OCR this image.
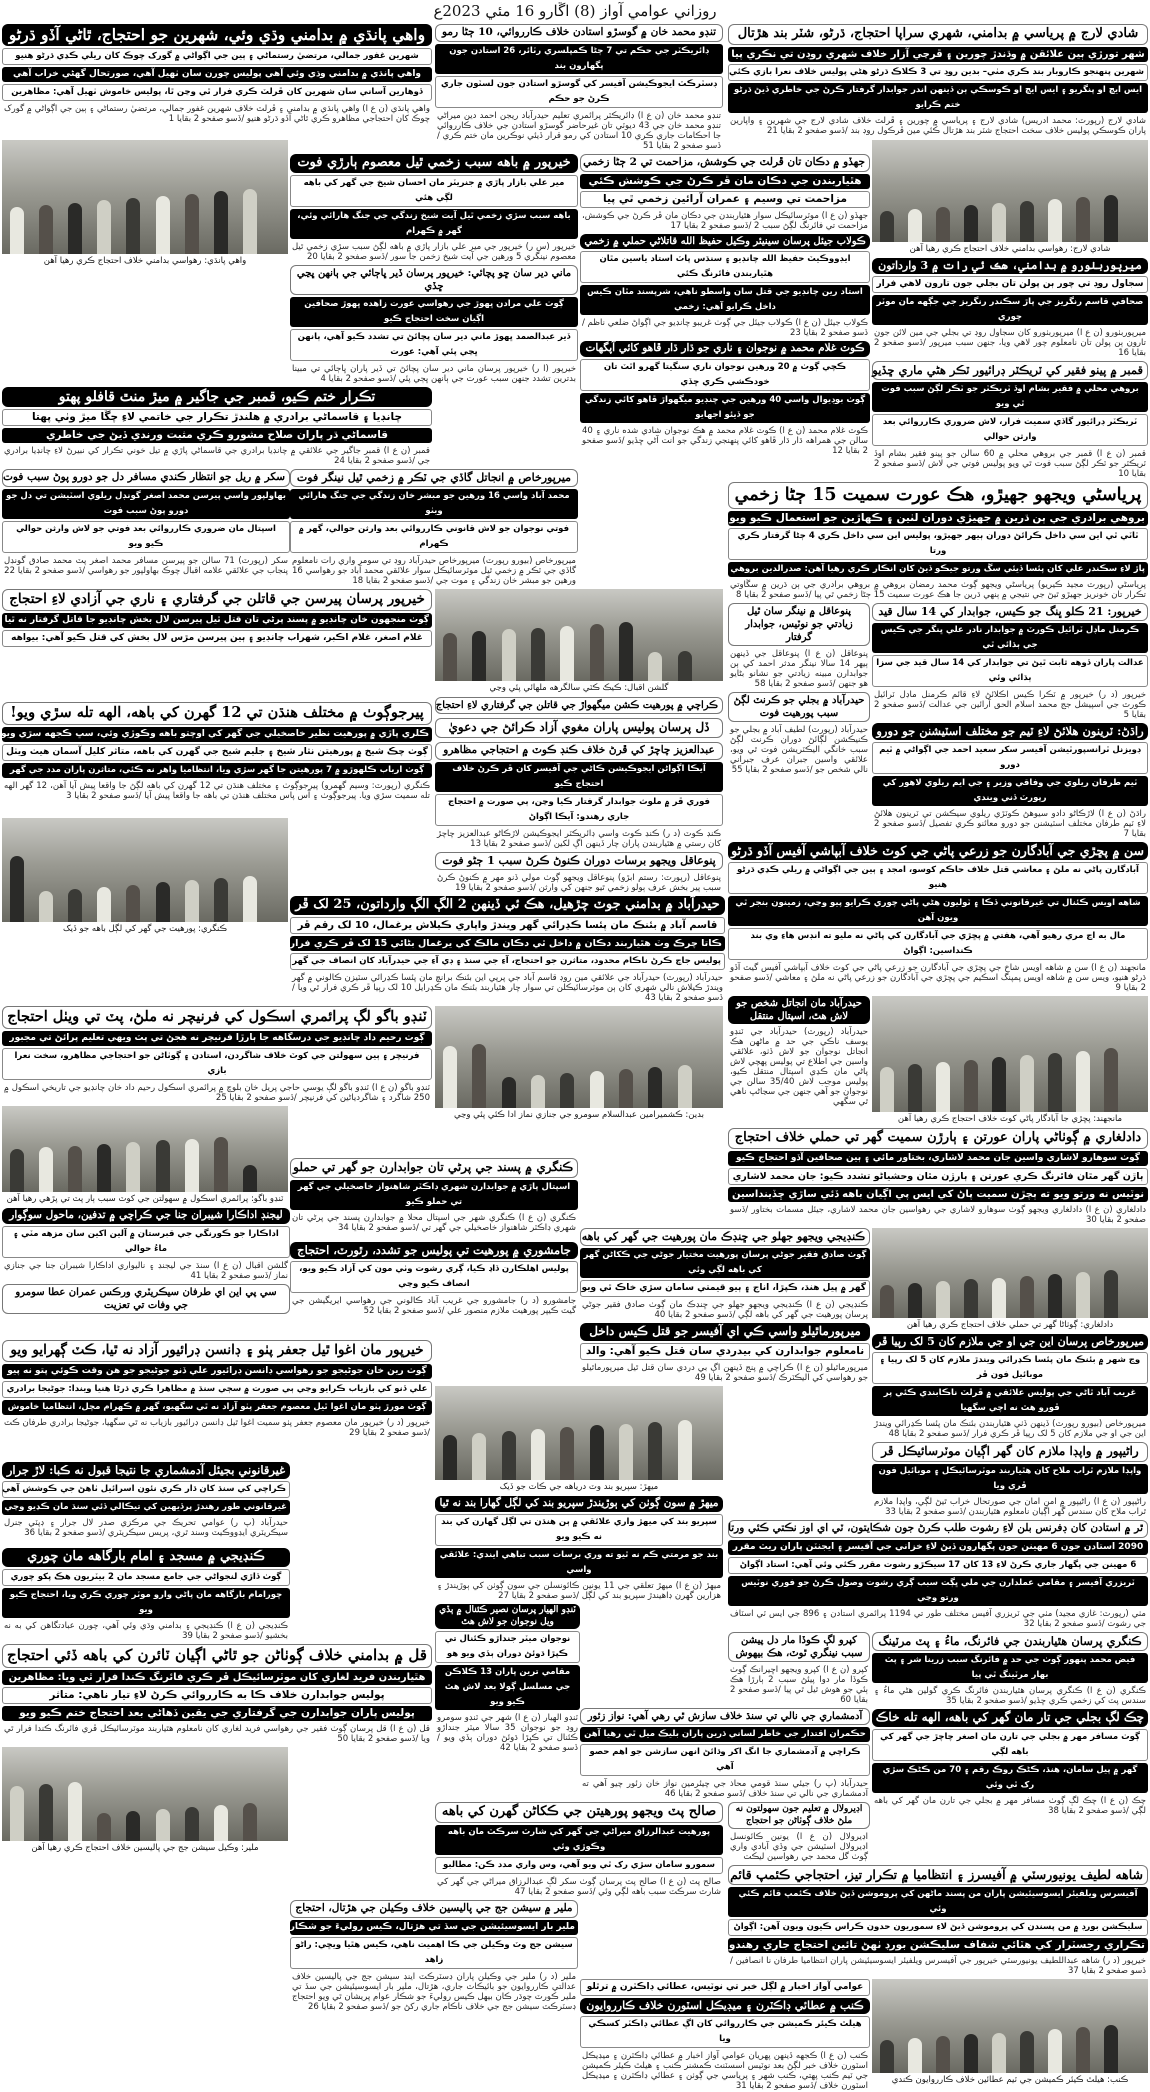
روزاني عوامي آواز (8) اڱارو 16 مئي 2023ع
شادي لارج ۾ پرياسي ۾ بدامني، شهري سراپا احتجاج، ڌرڻو، شٽر بند هڙتال
شهر تورڙي ٻين علائقن ۾ وڌندڙ چورين ۽ ڦرڃي آزار خلاف شهري روڊن تي نڪري پيا
شهرين پنهنجو ڪاروبار بند ڪري مٺي– بدين روڊ تي 3 ڪلاڪ ڌرڻو هڻي پوليس خلاف نعرا بازي ڪئي
ايس ايچ او پنگريو ۽ ايس ايچ او ڪوسڪي ٻن ڏينهن اندر جوابدار گرفتار ڪرڻ جي خاطري ڏيڻ ڌرڻو ختم ڪرايو

شادي لارج (رپورٽ: محمد ادريس) شادي لارج ۽ پرياسي ۾ چورين ۽ ڦرلٽ خلاف شادي لارج جي شهرين ۽ واپارين پاران ڪوسڪي پوليس خلاف سخت احتجاج شٽر بند هڙتال ڪئي مين ڦرڪول روڊ بند /ڏسو صفحو 2 بقايا 21

تنڊو محمد خان ۾ گوسڙو استادن خلاف ڪارروائي، 10 ڄڻا رمو
ڊائريڪٽر جي حڪم تي 7 ڄڻا ڪمپلسري رٽائر، 26 استادن جون پگهارون بند
ڊسٽرڪٽ ايجوڪيشن آفيسر کي گوسڙو استادن جون لسٽون جاري ڪرڻ جو حڪم

تنڊو محمد خان (ن ع ا) ڊائريڪٽر پرائمري تعليم حيدرآباد ريجن احمد دين ميراڻي تنڊو محمد خان جي 43 ديوٽي تان غيرحاضر گوسڙو استادن جي خلاف ڪارروائي جا احڪامات جاري ڪري 10 استادن کي رمو قرار ڏيئي نوڪرين مان ختم ڪري /ڏسو صفحو 2 بقايا 51

واهي پانڌي ۾ بدامني وڌي وئي، شهرين جو احتجاج، ٿاڻي آڏو ڌرڻو
شهرين غفور جمالي، مرتضيٰ رستماڻي ۽ ٻين جي اڳواڻي ۾ گورک چوڪ کان ريلي ڪڍي ڌرڻو هنيو
واهي پانڌي ۾ بدامني وڌي وئي آهي پوليس چورن سان ٺهيل آهي، صورتحال گهڻي خراب آهي
ڏوهارين آساني سان شهرين کان ڦرلٽ ڪري فرار ٿي وڃن ٿا، پوليس خاموش ٺهيل آهي: مظاهرين

واهي پانڌي (ن ع ا) واهي پانڌي ۾ بدامني ۽ ڦرلٽ خلاف شهرين غفور جمالي، مرتضيٰ رستماڻي ۽ ٻين جي اڳواڻي ۾ گورک چوڪ کان احتجاجي مظاهرو ڪري ٿاڻي آڏو ڌرڻو هنيو /ڏسو صفحو 2 بقايا 1

شادي لارج: رهواسي بدامني خلاف احتجاج ڪري رهيا آهن
جهڏو ۾ دڪان تان ڦرلٽ جي ڪوشش، مزاحمت تي 2 ڄڻا زخمي
هٿياربندن جي دڪان مان ڦر ڪرڻ جي ڪوشش ڪئي
مزاحمت تي وسيم ۽ عمران آرائين زخمي ٿي پيا

جهڏو (ن ع ا) موٽرسائيڪل سوار هٿياربندن جي دڪان مان ڦر ڪرڻ جي ڪوشش، مزاحمت تي فائرنگ لڳڻ سبب 2 /ڏسو صفحو 2 بقايا 17

خيرپور ۾ باهه سبب زخمي ٿيل معصوم ٻارڙي فوت
مير علي بازار پاڙي ۾ جنريٽر مان احسان شيخ جي گهر کي باهه لڳي هئي
باهه سبب سڙي زخمي ٿيل آيت شيخ زندگي جي جنگ هارائي وئي، گهر ۾ ڪهرام

خيرپور (س ر) خيرپور جي مير علي بازار پاڙي ۾ باهه لڳڻ سبب سڙي زخمي ٿيل معصوم نينگري 5 ورهين جي آيت شيخ زخمن جا سور /ڏسو صفحو 2 بقايا 20

واهي پانڌي: رهواسي بدامني خلاف احتجاج ڪري رهيا آهن
ڪولاب جيئل پرسان سينيئر وڪيل حفيظ الله قاتلاڻي حملي ۾ زخمي
ايڊووڪيٽ حفيظ الله چانڊيو ۽ سنڌس پاٽ استاد ياسين مٿان هٿياربندن فائرنگ ڪئي
استاد رين چانڊيو جي قتل سان واسطو ناهي، شرپسند مٿان ڪيس داخل ڪرايو آهي: زخمي

ڪولاب جيئل (ن ع ا) ڪولاب جيئل جي ڳوٺ غريبو چانڊيو جي اڳواڻ ضلعي ناظم /ڏسو صفحو 2 بقايا 23

ماني دير سان ڇو پچائي: خيرپور پرسان ڏير ڀاڄائي جي ٻانهن ڀڃي ڇڏي
ڳوٺ علي مرادن ڀهوڙ جي رهواسي عورت زاهده ڀهوڙ صحافين اڳيان سخت احتجاج ڪيو
ڏير عبدالصمد ڀهوڙ ماني دير سان پچائڻ تي تشدد ڪيو آهي، ٻانهن ڀڃي پئي آهي: عورت

خيرپور (ا ر) خيرپور پرسان ماني دير سان پچائڻ تي ڏير پاران ڀاڄائي تي مبينا بدترين تشدد جنهن سبب عورت جي ٻانهن ڀڄي پئي /ڏسو صفحو 2 بقايا 4

ميرپوربٺورو ۾ بدامني، هڪ ئي رات ۾ 3 وارداتون
سجاول روڊ تي چور ٻن پولن تان بجلي جون تارون لاهي فرار
صحافي قاسم رنگريز جي پاڙ سڪندر رنگريز جي جڳهه مان موٽر چوري

ميرپوربٺورو (ن ع ا) ميرپوربٺورو کان سجاول روڊ تي بجلي جي مين لائن جون تارون ٻن پولن تان نامعلوم چور لاهي ويا، جنهن سبب ميرپور /ڏسو صفحو 2 بقايا 16

تڪرار ختم ڪيو، قمبر جي جاگير ۾ ميڙ منٿ قافلو پهتو
چانڊيا ۽ قاسماڻي برادري ۾ هلندڙ تڪرار جي خاتمي لاءِ چڱا ميڙ وٺي پهتا
قاسماڻي ڌر پاران صلاح مشورو ڪري مثبت ورندي ڏيڻ جي خاطري

قمبر (ن ع ا) قمبر جاگير جي علائقي ۾ چانڊيا برادري جي قاسماڻي پاڙي ۾ تيل خوني تڪرار کي نبيرڻ لاءِ چانڊيا برادري جي /ڏسو صفحو 2 بقايا 24

ڪوٽ غلام محمد ۾ نوجوان ۽ ناري جو ڌار ڌار ڦاهو کائي آپگهات
ڪچي ڳوٺ ۾ 20 ورهين نوجوان ناري سنگيتا گهرو اٿٽ تان خودڪشي ڪري ڇڏي
ڳوٺ بوڊيوال واسي 40 ورهين جي چنڊيو ميگهواڙ ڦاهو کائي زندگي جو ڏيئو اجهايو

ڪوٽ غلام محمد (ن ع ا) ڪوٽ غلام محمد ۾ هڪ نوجوان شادي شده ناري ۽ 40 سالن جي همراهه ڌار ڌار ڦاهو کائي پنهنجي زندگي جو انت آڻي ڇڏيو /ڏسو صفحو 2 بقايا 12

ميرپورخاص ۾ انجاتل گاڏي جي ٽڪر ۾ زخمي ٿيل نينگر فوت
محمد آباد واسي 16 ورهين جو مبشر خان زندگي جي جنگ هارائي ويٺو
فوتي نوجوان جو لاش قانوني ڪارروائي بعد وارثن حوالي، گهر ۾ ڪهرام

ميرپورخاص (بيورو رپورٽ) ميرپورخاص حيدرآباد روڊ تي سومر واري رات نامعلوم گاڏي جي ٽڪر ۾ زخمي ٿيل موٽرسائيڪل سوار علائقي محمد آباد جو رهواسي 16 ورهين جو مبشر خان زندگي ۽ موت جي /ڏسو صفحو 2 بقايا 18

سکر ۾ ريل جو انتظار ڪندي مسافر دل جو دورو پوڻ سبب فوت
بهاولپور واسي پيرسن محمد اصغر گونڊل ريلوي اسٽيشن تي دل جو دورو پوڻ سبب فوت
اسپتال مان ضروري ڪارروائي بعد فوتي جو لاش وارثن حوالي ڪيو ويو

سکر (رپورٽ) 71 سالن جو پيرسن مسافر محمد اصغر پٽ محمد صادق گونڊل پنجاب جي علائقي علامه اقبال چوڪ بهاولپور جو رهواسي /ڏسو صفحو 2 بقايا 22

قمبر ۾ پينو فقير کي ٽريڪٽر ڊرائيور ٽڪر هڻي ماري ڇڏيو
بروهي محلي ۾ فقير بشام اوڏ ٽريڪٽر جو ٽڪر لڳڻ سبب فوت ٿي ويو
ٽريڪٽر ڊرائيور گاڏي سميت فرار، لاش ضروري ڪارروائي بعد وارثن حوالي

قمبر (ن ع ا) قمبر جي بروهي محلي ۾ 60 سالن جو پينو فقير بشام اوڏ ٽريڪٽر جو ٽڪر لڳڻ سبب فوت ٿي ويو پوليس فوتي جي لاش /ڏسو صفحو 2 بقايا 10

گلشن اقبال: ڪيڪ ڪٽي سالگرهه ملهائي پئي وڃي
پرياسڻي ويجهو جهيڙو، هڪ عورت سميت 15 ڄڻا زخمي
بروهي برادري جي ٻن ڌرين ۾ جهيڙي دوران لٺين ۽ ڪهاڙين جو استعمال ڪيو ويو
ٽاٽي ٿي اين سي داخل ڪرائڻ دوران ٻيهر جهيڙو، پوليس اين سي داخل ڪري 4 ڄڻا گرفتار ڪري ورتا
پاڙ لاءِ سڪندر علي کان پئسا ڏيئي سڱ ورتو جيڪو ڏيڻ کان انڪار ڪري رهيا آهن: صدرالدين بروهي

پرياسڻي (رپورٽ مجيد ڪيريو) پرياسڻي ويجهو ڳوٺ محمد رمضان بروهي ۾ بروهي برادري جي ٻن ڌرين ۾ سڱاوتي تڪرار تان خونريز جهيڙو ٿيڻ جي نتيجي ۾ ٻنهي ڌرين جا هڪ عورت سميت 15 ڄڻا زخمي ٿي پيا /ڏسو صفحو 2 بقايا 8

خيرپور پرسان پيرسن جي قاتلن جي گرفتاري ۽ ناري جي آزادي لاءِ احتجاج
ڳوٺ منجهون خان چانڊيو ۾ پسند پرڻي تان قتل ٿيل پيرسن لال بخش چانڊيو جا قاتل گرفتار نه ٿيا
غلام اصغر، غلام اڪبر، شهراب چانڊيو ۽ ٻين پيرسن مڙس لال بخش کي قتل ڪيو آهي: بيواهه
ڪراچي ۾ پورهيت ڪشن ميگهواڙ جي قاتلن جي گرفتاري لاءِ احتجاج
خيرپور: 21 ڪلو ڀنگ جو ڪيس، جوابدار کي 14 سال قيد
ڪرمنل ماڊل ٽرائيل ڪورٽ ۾ جوابدار نادر علي ڀنگر جي ڪيس جي ٻڌائي ٿي
عدالت پاران ڏوهه ثابت ٿيڻ تي جوابدار کي 14 سال قيد جي سزا ٻڌائي وئي

خيرپور (د ر) خيرپور ۾ ٽڪرا ڪيس اڪلائڻ لاءِ قائم ڪرمنل ماڊل ٽرائيل ڪورٽ جي اسپيشل جج محمد اسلام الحق آرائين جي عدالت /ڏسو صفحو 2 بقايا 5

پنوعاقل ۾ نينگر سان ٿيل زيادتي جو نوٽيس، جوابدار گرفتار

پنوعاقل (ن ع ا) پنوعاقل جي ڏينهن ٻيهر 14 سالا نينگر مدثر احمد کي ٻن جوابدارن مبينه زيادتي جو نشانو بڻايو هو جنهن /ڏسو صفحو 2 بقايا 58

ڏل پرسان پوليس پاران مغوي آزاد ڪرائڻ جي دعويٰ
عبدالعزيز چاچڙ کي ڦرڻ خلاف ڪنڊ ڪوٽ ۾ احتجاجي مظاهرو
آيڪا اڳواڻن ايجوڪيشن ڪاڻي جي آفيسر کان ڦر ڪرڻ خلاف احتجاج ڪيو
فوري ڦر ۾ ملوث جوابدار گرفتار ڪيا وڃن، ٻي صورت ۾ احتجاج جاري رهندو: آيڪا اڳواڻ

ڪنڊ ڪوٽ (د ر) ڪنڊ ڪوٽ واسي ڊائريڪٽر ايجوڪيشن لاڙڪاڻو عبدالعزيز چاچڙ کان رستي ۾ هٿياربندن پاران چار ڏينهن اڳ لکين /ڏسو صفحو 2 بقايا 13

حيدرآباد ۾ بجلي جو ڪرنٽ لڳڻ سبب پورهيت فوت

حيدرآباد (رپورٽ) لطيف آباد ۾ بجلي جو ڪنيڪشن لڳائڻ دوران ڪرنٽ لڳڻ سبب خانگي اليڪٽريشن فوت ٿي ويو، علائقي واسين جبران عرف جبراني نالي شخص جو /ڏسو صفحو 2 بقايا 55

راڌڻ: ٽرينون هلائڻ لاءِ ٽيم جو مختلف اسٽيشنن جو دورو
ڊويزنل ٽرانسپورٽيشن آفيسر سکر سعيد احمد جي اڳواڻي ۾ ٽيم دورو
ٽيم طرفان ريلوي جي وفاقي وزير ۽ جي ايم ريلوي لاهور کي رپورٽ ڏني ويندي

راڌڻ (ن ع ا) لاڙڪاڻو دادو سيوهڻ ڪوٽڙي ريلوي سيڪشن تي ٽرينون هلائڻ لاءِ ٽيم طرفان مختلف اسٽيشنن جو دورو معائنو ڪري تفصيل /ڏسو صفحو 2 بقايا 7

پيرجوڳوٺ ۾ مختلف هنڌن تي 12 گهرن کي باهه، الهه تله سڙي ويو!
ڪلري پاڙي ۾ پورهيت نظير خاصخيلي جي گهر کي اوچتو باهه وڪوڙي وئي، سڀ ڪجهه سڙي ويو
ڳوٺ چڪ شيخ ۾ پورهيتن نثار شيخ ۽ جليم شيخ جي گهرن کي باهه، متاثر کليل آسمان هيٺ ويٺل
ڳوٺ ارباب ڪلهوڙو ۾ 7 پورهيتن جا گهر سڙي ويا، انتظاميا واهر نه ڪئي، متاثرن پاران مدد جي گهر

ڪنگري (رپورٽ: وسيم گهمرو) پيرجوڳوٺ ۽ مختلف هنڌن تي 12 گهرن کي باهه لڳڻ جا واقعا پيش آيا آهن، 12 گهر الهه تله سميت سڙي ويا. پيرجوڳوٺ ۽ آس پاس مختلف هنڌن تي باهه جا واقعا پيش آيا /ڏسو صفحو 2 بقايا 3

سن ۾ پڇڙي جي آبادگارن جو زرعي پاڻي جي کوٽ خلاف آبپاشي آفيس آڏو ڌرڻو
آبادگارن پاڻي نه ملڻ ۽ معاشي قتل خلاف حاڪم کوسو، امجد ۽ ٻين جي اڳواڻي ۾ ريلي ڪڍي ڌرڻو هنيو
شاهه اويس ڪئنال تي غيرقانوني ڏڪا ۽ ٽوليون هڻي پاڻي چوري ڪرايو پيو وڃي، زمينون بنجر ٿي ويون آهن
مال به اڃ مري رهيو آهي، هفتي ۾ پڇڙي جي آبادگارن کي پاڻي نه مليو ته انڊس هاءِ وي بند ڪنداسين: اڳواڻ

مانجهند (ن ع ا) سن ۾ شاهه اويس شاخ جي پڇڙي جي آبادگارن جو زرعي پاڻي جي کوٽ خلاف آبپاشي آفيس گيٽ آڏو ڌرڻو هنيو، ويس سن ۾ شاهه اويس پمپنگ اسڪيم جي پڇڙي جي آبادگارن جو زرعي پاڻي نه ملڻ ۽ معاشي /ڏسو صفحو 2 بقايا 9

پنوعاقل ويجهو برسات دوران ڪنوڻ ڪرڻ سبب 1 ڄڻو فوت

پنوعاقل (رپورٽ: رستم ابڙو) پنوعاقل ويجهو ڳوٺ مولي ڏنو مهر ۾ ڪنوڻ ڪرڻ سبب پير بخش عرف ٻولو زخمي ٿيو جنهن کي وارثن /ڏسو صفحو 2 بقايا 19

مانجهند: پڇڙي جا آبادگار پاڻي کوٽ خلاف احتجاج ڪري رهيا آهن
حيدرآباد مان انجاتل شخص جو لاش هٿ، اسپتال منتقل

حيدرآباد (رپورٽ) حيدرآباد جي ٽنڊو يوسف ناڪي جي حد ۾ ماڻهن هڪ انجاتل نوجوان جو لاش ڏٺو، علائقي واسين جي اطلاع تي پوليس پهچي لاش پاڻي مان ڪڍي اسپتال منتقل ڪيو، پوليس موجب لاش 35/40 سالن جي نوجوان جو آهي جنهن جي سڃاڻپ ناهي ٿي سگهي

حيدرآباد ۾ بدامني جوٽ چڙهيل، هڪ ئي ڏينهن 2 الڳ الڳ وارداتون، 25 لک ڦر
قاسم آباد ۾ بئنڪ مان پئسا ڪڍرائي گهر ويندڙ واپاري ڪيلاش يرغمال، 10 لک رقم ڦر
ڪاتا چرڪ وٽ هٿياربند دڪان ۾ داخل ٿي دڪان مالڪ کي يرغمال بڻائي 15 لک ڦر ڪري فرار
پوليس جاچ ڪرڻ ناڪام محدود، متاثرن جو احتجاج، آءِ جي سنڌ ۽ ڊي آءِ جي حيدرآباد کان انصاف جي گهر

حيدرآباد (رپورٽ) حيدرآباد جي علائقي مين روڊ قاسم آباد جي پرپي اين بئنڪ برانچ مان پئسا ڪڍرائي سٽيزن ڪالوني ۾ گهر ويندڙ ڪيلاش نالي شهري کان ٻن موٽرسائيڪلن تي سوار چار هٿياربند بئنڪ مان ڪڍرايل 10 لک رپيا ڦر ڪري فرار ٿي ويا /ڏسو صفحو 2 بقايا 43

ڪنگري: پورهيت جي گهر کي لڳل باهه جو ڏيک
دادلغاري ۾ ڳوٺاڻي پاران عورتن ۽ ٻارڙن سميت گهر تي حملي خلاف احتجاج
ڳوٺ سوهارو لاشاري واسين جان محمد لاشاري، بختاور مائي ۽ ٻين صحافين آڏو احتجاج ڪيو
ٻاڙن گهر مٿان فائرنگ ڪري عورتن ۽ ٻارڙن مٿان وحشياڻو تشدد ڪيو: جان محمد لاشاري
نوٽيس نه ورتو ويو ته ٻچڙن سميت پاڻ کي ايس پي اڳيان باهه ڏئي ساڙي ڇڏينداسين

دادلغاري (ن ع ا) دادلغاري ويجهو ڳوٺ سوهارو لاشاري جي رهواسين جان محمد لاشاري، جيئل مسمات بختاور /ڏسو صفحو 2 بقايا 30

بدين: ڪشميرامين عبدالسلام سومرو جي جنازي نماز ادا ڪئي پئي وڃي
ٽنڊو باگو لڳ پرائمري اسڪول کي فرنيچر نه ملڻ، پٽ تي ويٺل احتجاج
ڳوٺ رحيم داد چانڊيو جي درسگاهه جا ٻارڙا فرنيچر نه هجڻ تي پٽ ويهي تعليم پرائڻ تي مجبور
فرنيچر ۽ ٻين سهولتن جي کوٽ خلاف شاگردن، استادن ۽ ڳوٺاڻن جو احتجاجي مظاهرو، سخت نعرا بازي

ٽنڊو باگو (ن ع ا) ٽنڊو باگو لڳ يوسي حاجي پريل خان بلوچ ۾ پرائمري اسڪول رحيم داد خان چانڊيو جي تاريخي اسڪول ۾ 250 شاگرد ۽ شاگردياڻين کي فرنيچر /ڏسو صفحو 2 بقايا 25

دادلغاري: ڳوٺاڻا گهر تي حملي خلاف احتجاج ڪري رهيا آهن
ٽنڊو باگو: پرائمري اسڪول ۾ سهولتن جي کوٽ سبب ٻار پٽ تي پڙهي رهيا آهن
ميرپورخاص پرسان اين جي او جي ملازم کان 5 لک رپيا ڦر
وڃ شهر ۾ بئنڪ مان پئسا ڪڍرائي ويندڙ ملازم کان 5 لک رپيا ۽ موبائيل فون ڦر
غريب آباد ٿاڻي جي پوليس علائقي ۾ ڦرلٽ ناڪابندي ڪئي پر ڦورو هٿ نه اچي سگهيا

ميرپورخاص (بيورو رپورٽ) ڏينهن ڏٺي هٿياربندن بئنڪ مان پئسا ڪڍرائي ويندڙ اين جي او جي ملازم کان 5 لک رپيا ڦر ڪري فرار /ڏسو صفحو 2 بقايا 48

ڪنڊيجي ويجهو جهلو جي ڇنڊڪ مان پورهيت جي گهر کي باهه
ڳوٺ صادق فقير جوڻي پرسان پورهيت مختيار جوڻي جي ڪکاڻن گهر کي باهه لڳي وئي
گهر ۾ پيل هنڌ، ڪپڙا، اناج ۽ ٻيو قيمتي سامان سڙي خاڪ ٿي ويو

ڪنڊيجي (ن ع ا) ڪنڊيجي ويجهو جهلو جي ڇنڊڪ مان ڳوٺ صادق فقير جوڻي پرسان پورهيت جي گهر کي باهه لڳي /ڏسو صفحو 2 بقايا 40

ڪنگري ۾ پسند جي پرڻي تان جوابدارن جو گهر تي حملو
اسپتال پاڙي ۾ جوابدارن شهري ڊاڪٽر شاهنواز خاصخيلي جي گهر تي حملو ڪيو

ڪنگري (ن ع ا) ڪنگري شهر جي اسپتال محلا ۾ جوابدارن پسند جي پرڻي تان شهري ڊاڪٽر شاهنواز خاصخيلي جي گهر تي /ڏسو صفحو 2 بقايا 34

ليجنڊ اداڪارا شيبران جنا جي ڪراچي ۾ تدفين، ماحول سوڳوار
اداڪارا جو ڪورنگي جي قبرستان ۾ آلين اکين سان مزهه مٽي ۽ ماءُ حوالي

گلشن اقبال (ن ع ا) سنڌ جي ليجنڊ ۽ ناليواري اداڪارا شيبران جنا جي جنازي نماز /ڏسو صفحو 2 بقايا 41

سي پي اين اي طرفان سيڪريٽري ورڪس عمران عطا سومرو جي وفات تي تعزيت
ميرپورماٿيلو واسي ڪي اي آفيسر جو قتل ڪيس داخل
نامعلوم جوابدارن کي بيدردي سان قتل ڪيو آهي: والد

ميرپورماٿيلو (ن ع ا) ڪراچي ۾ پنج ڏينهن اڳ بي دردي سان قتل ٿيل ميرپورماٿيلو جو رهواسي کي اليڪٽرڪ /ڏسو صفحو 2 بقايا 49

جامشوري ۾ پورهيت تي پوليس جو تشدد، رٿورٽ، احتجاج
پوليس اهلڪارن ڏاڍ ڪيا، ڳري رشوت وٺي مون کي آزاد ڪيو ويو، انصاف ڪيو وڃي

جامشورو (د ر) جامشورو جي غريب آباد ڪالوني جي رهواسي ايريگيشن جي گيٽ ڪيپر پورهيت ملازم منصور علي /ڏسو صفحو 2 بقايا 52

راڻيپور ۾ واپڊا ملازم کان گهر اڳيان موٽرسائيڪل ڦر
واپڊا ملازم ٿراب ملاح کان هٿياربند موٽرسائيڪل ۽ موبائيل فون ڦري ويا

راڻيپور (ن ع ا) راڻيپور ۾ امن امان جي صورتحال خراب ٿيڻ لڳي، واپڊا ملازم ٿراب ملاح کان سندس گهر اڳيان نامعلوم هٿياربندن /ڏسو صفحو 2 بقايا 33

ميهڙ: سپريو بند وٽ درياهه جي ڪاٽ جو ڏيک
ٿر ۾ استادن کان ڊفرنس بلن لاءِ رشوت طلب ڪرڻ جون شڪايتون، ٽي اي اوز نڪتي ڪئي ورتا
2090 استادن جون 6 مهينن جون پگهارون ڏيڻ لاءِ خزاني جي آفيسر ۽ ايجنٽن پاران ريٽ مقرر
6 مهينن جي پگهار جاري ڪرڻ لاءِ 13 کان 17 سيڪڙو رشوت مقرر ڪئي وئي آهي: استاد اڳواڻ
ٽريزري آفيسر ۽ مقامي عملدارن جي ملي ڀڳت سبب ڳري رشوت وصول ڪرڻ جو فوري نوٽيس ورتو وڃي

مٺي (رپورٽ: غازي مجيد) مٺي جي ٽريزري آفيس مختلف طور تي 1194 پرائمري استادن ۽ 896 جي ايس ٽي اسٽاف جي رشوت /ڏسو صفحو 2 بقايا 32

خيرپور مان اغوا ٿيل جعفر پٺو ۽ ڊانسن ڊرائيور آزاد نه ٿيا، ڪٽ ڳهرايو ويو
ڳوٺ رين خان جوڻيجو جو رهواسي ڊانسن ڊرائيور علي ڏنو جوڻيجو جو هن وقت ڪوئي پتو نه پيو
علي ڏنو کي بازياب ڪرايو وڃي ٻي صورت ۾ سڄي سنڌ ۾ مظاهرا ڪري ڌرڻا هنيا ويندا: جوڻيجا برادري
ڳوٺ مورڙ پٺو مان اغوا ٿيل معصوم جعفر پٺو آزاد نه ٿي سگهيو، گهر ۾ ڪهرام مچل، انتظاميا خاموش

خيرپور (د ر) خيرپور مان معصوم جعفر پٺو سميت اغوا ٿيل ڊانسن ڊرائيور بازياب نه ٿي سگهيا، جوڻيجا برادري طرفان ڪٽ /ڏسو صفحو 2 بقايا 29

ميهڙ ۾ سون ڳوٺن کي ٻوڙيندڙ سپريو بند کي لڳل گهارا بند نه ٿيا
سپريو بند کي ميهڙ واري علائقي ۾ ٻن هنڌن تي لڳل گهارن کي بند نه ڪيو ويو
بند جو مرمتي ڪم نه ٿيو ته وري برسات سبب تباهي ايندي: علائقي واسي

ميهڙ (ن ع ا) ميهڙ تعلقي جي 11 يونين ڪائونسلن جي سون ڳوٺن کي ٻوڙيندڙ ۽ هزارين گهرن ڊاهيندڙ سپريو بند کي لڳل /ڏسو صفحو 2 بقايا 27

ڪنگري پرسان هٿياربندن جي فائرنگ، ماءُ ۽ پٽ مرٽينگ
فيض محمد پنهور ڳوٺ جي حد ۾ فائرنگ سبب زرينا شر ۽ پٽ بهار مرٽينگ ٿي پيا

ڪنگري (ن ع ا) ڪنگري پرسان هٿياربندن فائرنگ ڪري گولين هڻي ماءُ ۽ سندس پٽ کي زخمي ڪري ڇڏيو /ڏسو صفحو 2 بقايا 35

کپرو لڳ ڪوڏا مار دل پيشن سبب نينگري ٿوٽ، هڪ بيهوش

کپرو (ن ع ا) کپرو ويجهو اڇيرانڪ ڳوٺ ڪوڏا مار دوا پيئڻ سبب 2 ٻارڙا هڪ ٻئي جو هوش ٿيل ٿي پيا /ڏسو صفحو 2 بقايا 60

غيرقانوني بجيئل آدمشماري جا نتيجا قبول نه ڪبا: لاڙ جرار
ڪراچي کي سنڌ کان ڌار ڪري نئون اسرائيل ٺاهڻ جي ڪوشش آهي
غيرقانوني طور رهندڙ پرڏيهين کي تيڪالي ڏئي سنڌ مان ڪڍيو وڃي

حيدرآباد (پ ر) عوامي تحريڪ جي مرڪزي صدر لال جرار ۽ ڊپٽي جنرل سيڪريٽري ايڊووڪيٽ وسند ٿري، پريس سيڪريٽري /ڏسو صفحو 2 بقايا 36

چڪ لڳ بجلي جي تار مان گهر کي باهه، الهه تله خاڪ
ڳوٺ مسافر مهر ۾ بجلي جي تارن مان اصغر چاچڙ جي گهر کي باهه لڳي
گهر ۾ پيل سامان، هنڌ، ڪڻڪ روڪ رقم ۽ 70 من ڪڻڪ سڙي رک ٿي وئي

چڪ (ن ع ا) چڪ لڳ ڳوٺ مسافر مهر ۾ بجلي جي تارن مان گهر کي باهه لڳي /ڏسو صفحو 2 بقايا 38

آدمشماري جي نالي تي سنڌ خلاف سازش ٿي رهي آهي: نواز زئور
حڪمران اقتدار جي خاطر لساني ڌرين پاران بليڪ ميل ٿي رهيا آهن
ڪراچي ۾ آدمشماري جا انگ اکر وڌائڻ انهن سازشن جو اهم حصو آهي

حيدرآباد (پ ر) جيئي سنڌ قومي محاذ جي چيئرمين نواز خان زئور چيو آهي ته آدمشماري جي نالي تي سنڌ خلاف /ڏسو صفحو 2 بقايا 46

ٽنڊو الهيار پرسان نصير ڪئنال ۾ ٻڏي ويل نوجوان جو لاش هٿ
نوجوان ميٽر جنداڙو ڪئنال تي ڪپڙا ڌوئڻ دوران ٻڏي ويو هو
مقامي ترين پاران 13 ڪلاڪن جي مسلسل ڳولا بعد لاش هٿ ڪيو ويو

ٽنڊو الهيار (ن ع ا) شهر جي ٽنڊو سومرو روڊ جو نوجوان 35 سالا ميٽر جنداڙو ڪئنال تي ڪپڙا ڌوئڻ دوران ٻڏي ويو /ڏسو صفحو 2 بقايا 42

ڪنڊيجي ۾ مسجد ۽ امام بارگاهه مان چوري
ڳوٺ ڏاڙي لنجواڻي جي جامع مسجد مان 2 بيٽريون هڪ پکو چوري
چورامام بارگاهه مان پاڻي وارو موٽر چوري ڪري ويا، احتجاج ڪيو ويو

ڪنڊيجي (ن ع ا) ڪنڊيجي ۽ بدامني وڌي وئي آهي، چورن عبادتگاهن کي به نه بخشيو /ڏسو صفحو 2 بقايا 39

اڊيرولال ۾ تعليم جون سهولتون نه ملڻ خلاف ڳوٺاڻن جو احتجاج

اڊيرولال (ن ع ا) يونين ڪائونسل اڊيرولال اسٽيشن جي وڏي آبادي واري ڳوٺ گل محمد جي رهواسين ليڪت

قل ۾ بدامني خلاف ڳوٺاڻن جو ٿاڻي اڳيان ٽائرن کي باهه ڏئي احتجاج
هٿياربندن فريد لغاري کان موٽرسائيڪل ڦر ڪري فائرنگ ڪندا فرار ٿي ويا: مظاهرين
پوليس جوابدارن خلاف ڪا به ڪارروائي ڪرڻ لاءِ تيار ناهي: متاثر
پوليس پاران جوابدارن جي گرفتاري جي يقين ڏهاڻي بعد احتجاج ختم ڪيو ويو

قل (ن ع ا) قل پرسان ڳوٺ فقير جي رهواسي فريد لغاري کان نامعلوم هٿياربند موٽرسائيڪل ڦري فائرنگ ڪندا فرار ٿي ويا /ڏسو صفحو 2 بقايا 50

شاهه لطيف يونيورسٽي ۾ آفيسرز ۽ انتظاميا ۾ تڪرار تيز، احتجاجي ڪئمپ قائم
آفيسرس ويلفيئر ايسوسيئيشن پاران من پسند ماڻهن کي پروموشن ڏيڻ خلاف ڪئمپ قائم ڪئي وئي
سليڪشن بورڊ ۾ من پسندن کي پروموشن ڏيڻ لاءِ سموريون حدون ڪراس ڪيون ويون آهن: اڳواڻ
تڪراري رجسٽرار کي هٽائي شفاف سليڪشن بورڊ ٺهڻ تائين احتجاج جاري رهندو

خيرپور (د ر) شاهه عبداللطيف يونيورسٽي خيرپور جي آفيسرس ويلفيئر ايسوسيئيشن پاران انتظاميا طرفان نا انصافين /ڏسو صفحو 2 بقايا 37

صالح پٽ ويجهو پورهيتن جي ڪکاڻن گهرن کي باهه
پورهيت عبدالرزاق ميراڻي جي گهر کي شارٽ سرڪٽ مان باهه وڪوڙي وئي
سمورو سامان سڙي رک ٿي ويو آهي، وس واري مدد ڪن: مطالبو

صالح پٽ (ن ع ا) صالح پٽ پرسان ڳوٺ سکر لڳ عبدالرزاق ميراڻي جي گهر کي شارٽ سرڪٽ سبب باهه لڳي وئي /ڏسو صفحو 2 بقايا 47

ڪنب: هيلٿ ڪيئر ڪميشن جي ٽيم عطائين خلاف ڪارروايون ڪندي
ملير: وڪيل سيشن جج جي پاليسين خلاف احتجاج ڪري رهيا آهن
عوامي آواز اخبار ۾ لڳل خبر تي نوٽيس، عطائي ڊاڪٽرن ۾ ترٿلو
ڪنب ۾ عطائي ڊاڪٽرن ۽ ميڊيڪل اسٽورن خلاف ڪارروايون
هيلٿ ڪيئر ڪميشن جي ڪارروائي کان اڳ عطائي ڊاڪٽر کسڪي ويا

ڪنب (ن ع ا) ڪجهه ڏينهن پهريان عوامي آواز اخبار ۾ عطائي ڊاڪٽرن ۽ ميڊيڪل اسٽورن خلاف خبر لڳڻ بعد نوٽيس اسسٽنٽ ڪمشنر ڪنب ۽ هيلٿ ڪيئر ڪميشن جي ٽيم ڪنب پهتي، ڪنب شهر ۽ پرياسي جي ڳوٺن ۽ عطائي ڊاڪٽرن ۽ ميڊيڪل اسٽورن خلاف /ڏسو صفحو 2 بقايا 31

ملير ۾ سيشن جج جي پاليسين خلاف وڪيلن جي هڙتال، احتجاج
ملير بار ايسوسيئيشن جي سڏ تي هڙتال، ڪيس روليءَ جو شڪار
سيشن جج وٽ وڪيلن جي ڪا اهميت ناهي، ڪيس هٿيا ويڇي: راڻو زاهد

ملير (د ر) ملير جي وڪيلن پاران ڊسٽرڪٽ اينڊ سيشن جج جي پاليسين خلاف عدالتي ڪارروايون جو بائيڪاٽ جاري، هڙتال، ملير بار ايسوسيئيشن جي سڏ تي ملير ڪورٽ چوڌر ڪان بيهل ڪيس روليءَ جو شڪار عوام پريشان ٿي ويو احتجاج ڊسٽرڪٽ سيشن جج جي خلاف ناڪام جاري رکڻ جو /ڏسو صفحو 2 بقايا 26
